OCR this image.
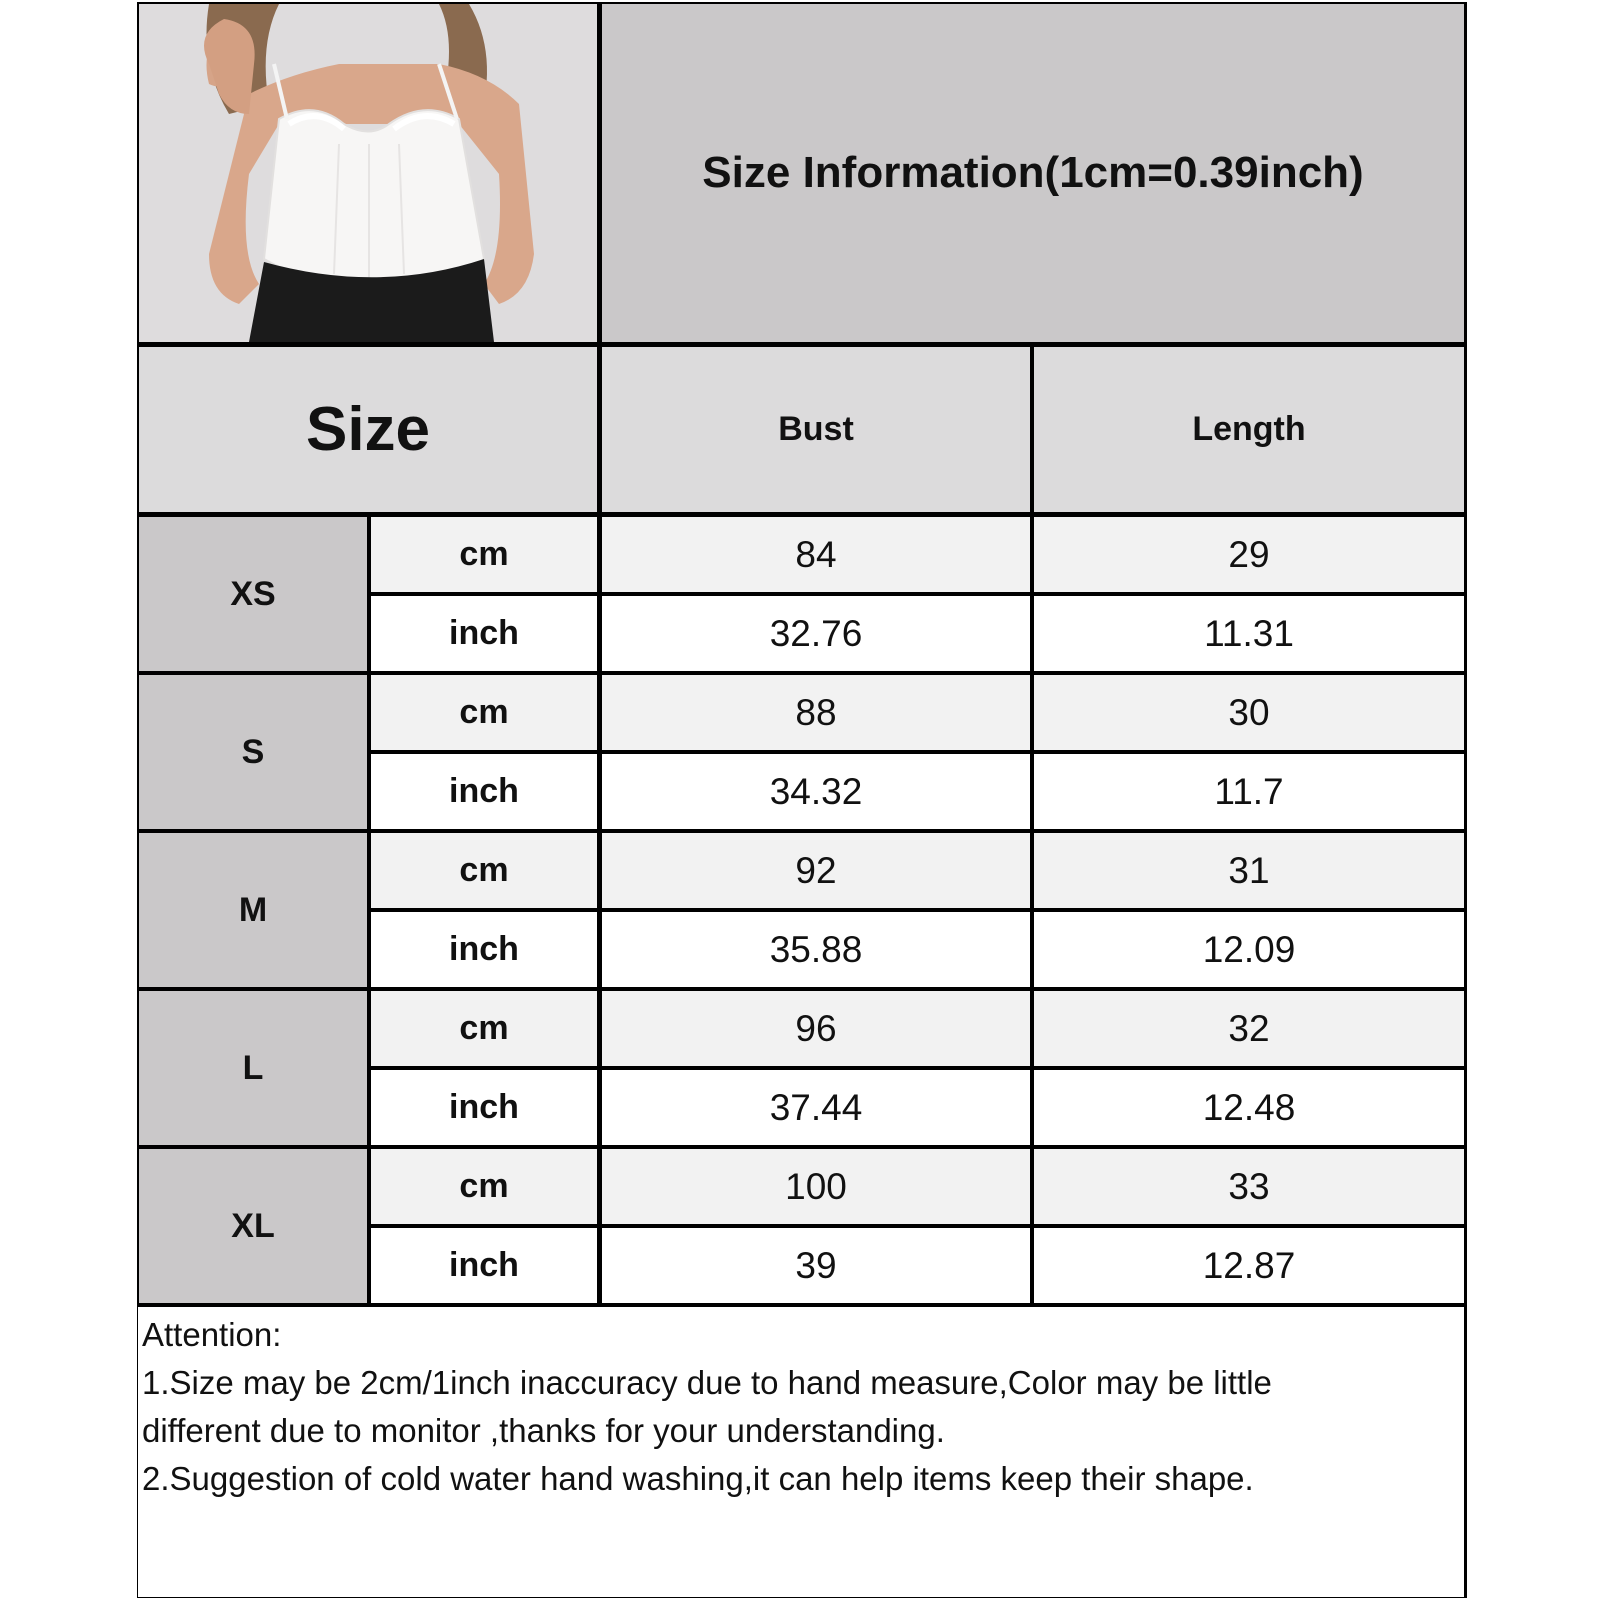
Size Information(1cm=0.39inch)
Size	Bust	Length
XS
cm	84	29
inch	32.76	11.31
S
cm	88	30
inch	34.32	11.7
M
cm	92	31
inch	35.88	12.09
L
cm	96	32
inch	37.44	12.48
XL
cm	100	33
inch	39	12.87
Attention:
1.Size may be 2cm/1inch inaccuracy due to hand measure,Color may be little
different due to monitor ,thanks for your understanding.
2.Suggestion of cold water hand washing,it can help items keep their shape.
